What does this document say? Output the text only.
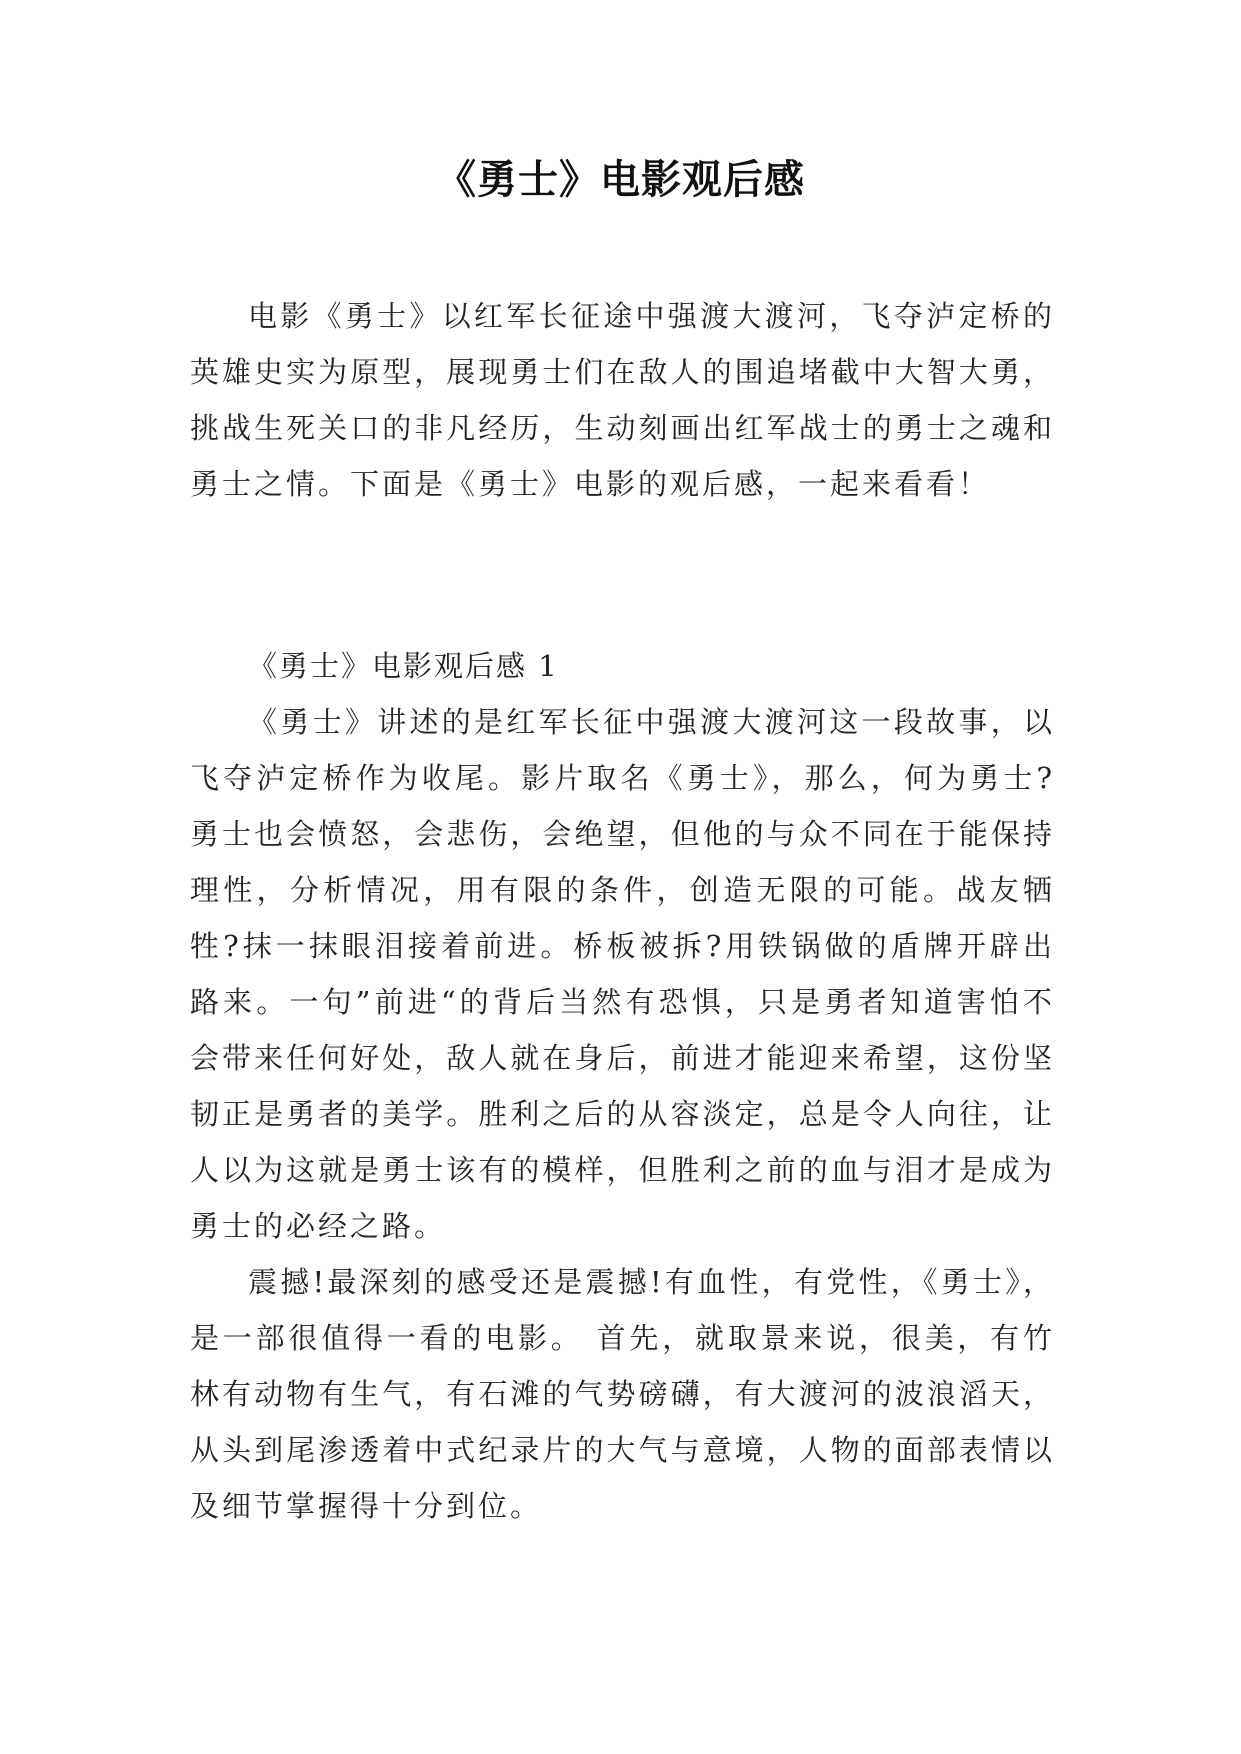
《勇士》电影观后感

电影《勇士》以红军长征途中强渡大渡河，飞夺泸定桥的英雄史实为原型，展现勇士们在敌人的围追堵截中大智大勇，挑战生死关口的非凡经历，生动刻画出红军战士的勇士之魂和勇士之情。下面是《勇士》电影的观后感，一起来看看！

《勇士》电影观后感 1

《勇士》讲述的是红军长征中强渡大渡河这一段故事，以飞夺泸定桥作为收尾。影片取名《勇士》，那么，何为勇士?勇士也会愤怒，会悲伤，会绝望，但他的与众不同在于能保持理性，分析情况，用有限的条件，创造无限的可能。战友牺牲?抹一抹眼泪接着前进。桥板被拆?用铁锅做的盾牌开辟出路来。一句”前进“的背后当然有恐惧，只是勇者知道害怕不会带来任何好处，敌人就在身后，前进才能迎来希望，这份坚韧正是勇者的美学。胜利之后的从容淡定，总是令人向往，让人以为这就是勇士该有的模样，但胜利之前的血与泪才是成为勇士的必经之路。

震撼!最深刻的感受还是震撼!有血性，有党性，《勇士》，是一部很值得一看的电影。 首先，就取景来说，很美，有竹林有动物有生气，有石滩的气势磅礴，有大渡河的波浪滔天，从头到尾渗透着中式纪录片的大气与意境，人物的面部表情以及细节掌握得十分到位。
